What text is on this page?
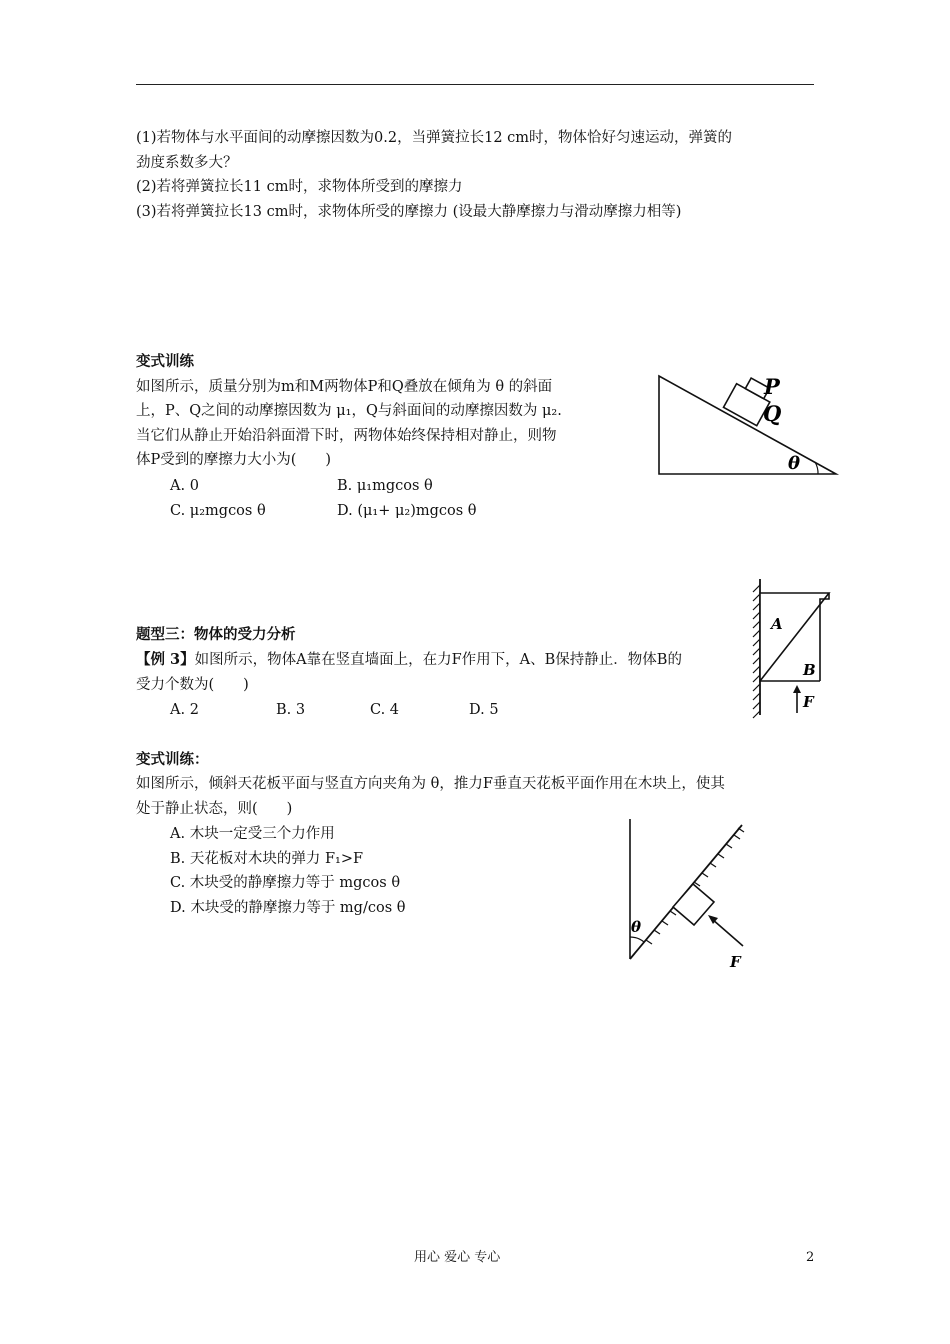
(1)若物体与水平面间的动摩擦因数为0.2，当弹簧拉长12 cm时，物体恰好匀速运动，弹簧的
劲度系数多大？
(2)若将弹簧拉长11 cm时，求物体所受到的摩擦力
(3)若将弹簧拉长13 cm时，求物体所受的摩擦力 (设最大静摩擦力与滑动摩擦力相等)
变式训练
如图所示，质量分别为m和M两物体P和Q叠放在倾角为 θ 的斜面
上，P、Q之间的动摩擦因数为 μ₁，Q与斜面间的动摩擦因数为 μ₂.
当它们从静止开始沿斜面滑下时，两物体始终保持相对静止，则物
体P受到的摩擦力大小为(　　)
A. 0	B. μ₁mgcos θ
C. μ₂mgcos θ	D. (μ₁+ μ₂)mgcos θ
P
Q
θ
题型三：物体的受力分析
【例 3】如图所示，物体A靠在竖直墙面上，在力F作用下，A、B保持静止．物体B的
受力个数为(　　)
A. 2	B. 3	C. 4	D. 5
A
B
F
变式训练：
如图所示，倾斜天花板平面与竖直方向夹角为 θ，推力F垂直天花板平面作用在木块上，使其
处于静止状态，则(　　)
A. 木块一定受三个力作用
B. 天花板对木块的弹力 F₁>F
C. 木块受的静摩擦力等于 mgcos θ
D. 木块受的静摩擦力等于 mg/cos θ
θ
F
用心 爱心 专心	2
